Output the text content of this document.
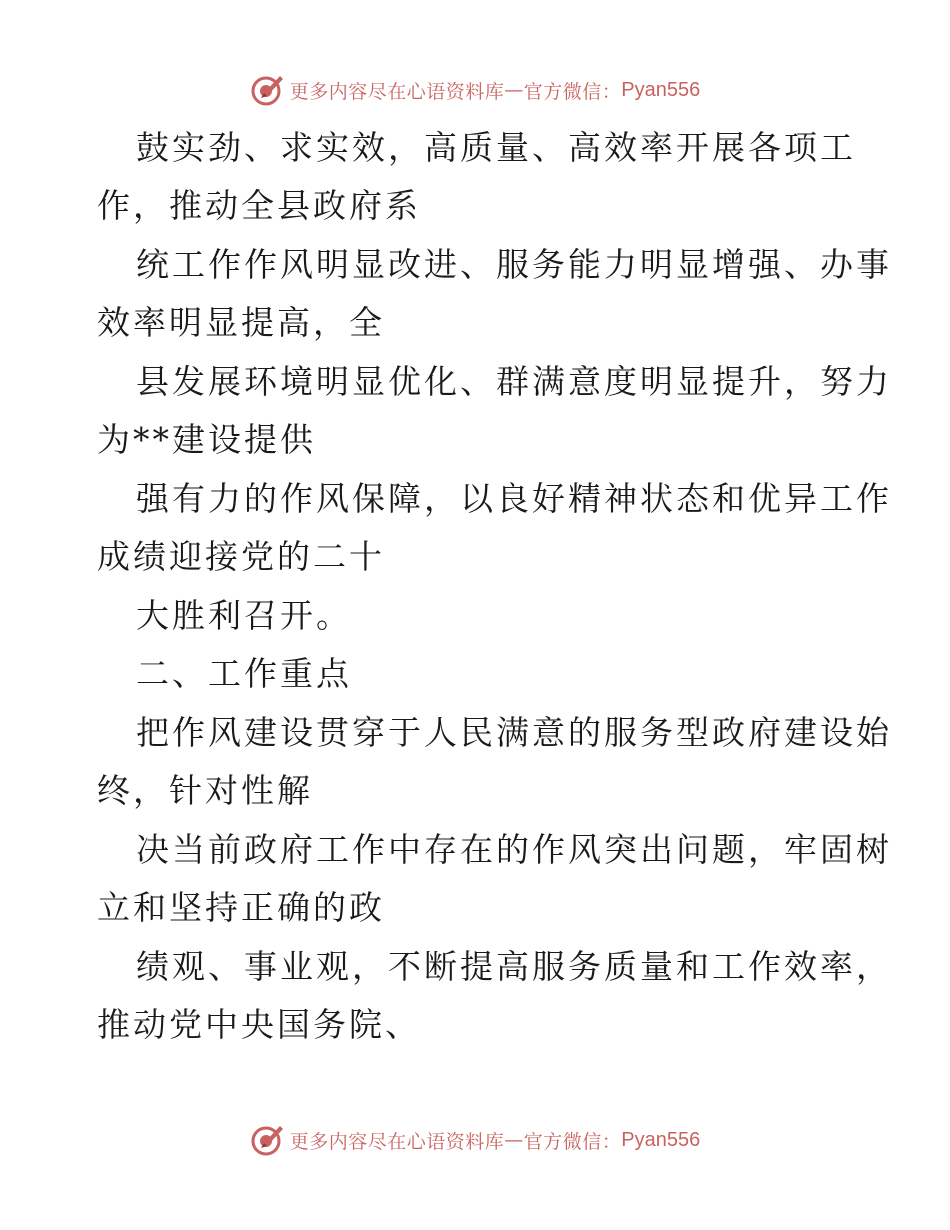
更多内容尽在心语资料库 — 官方微信： Pyan556
鼓实劲、求实效，高质量、高效率开展各项工
作，推动全县政府系
统工作作风明显改进、服务能力明显增强、办事
效率明显提高，全
县发展环境明显优化、群满意度明显提升，努力
为**建设提供
强有力的作风保障，以良好精神状态和优异工作
成绩迎接党的二十
大胜利召开。
二、工作重点
把作风建设贯穿于人民满意的服务型政府建设始
终，针对性解
决当前政府工作中存在的作风突出问题，牢固树
立和坚持正确的政
绩观、事业观，不断提高服务质量和工作效率，
推动党中央国务院、
更多内容尽在心语资料库 — 官方微信： Pyan556
